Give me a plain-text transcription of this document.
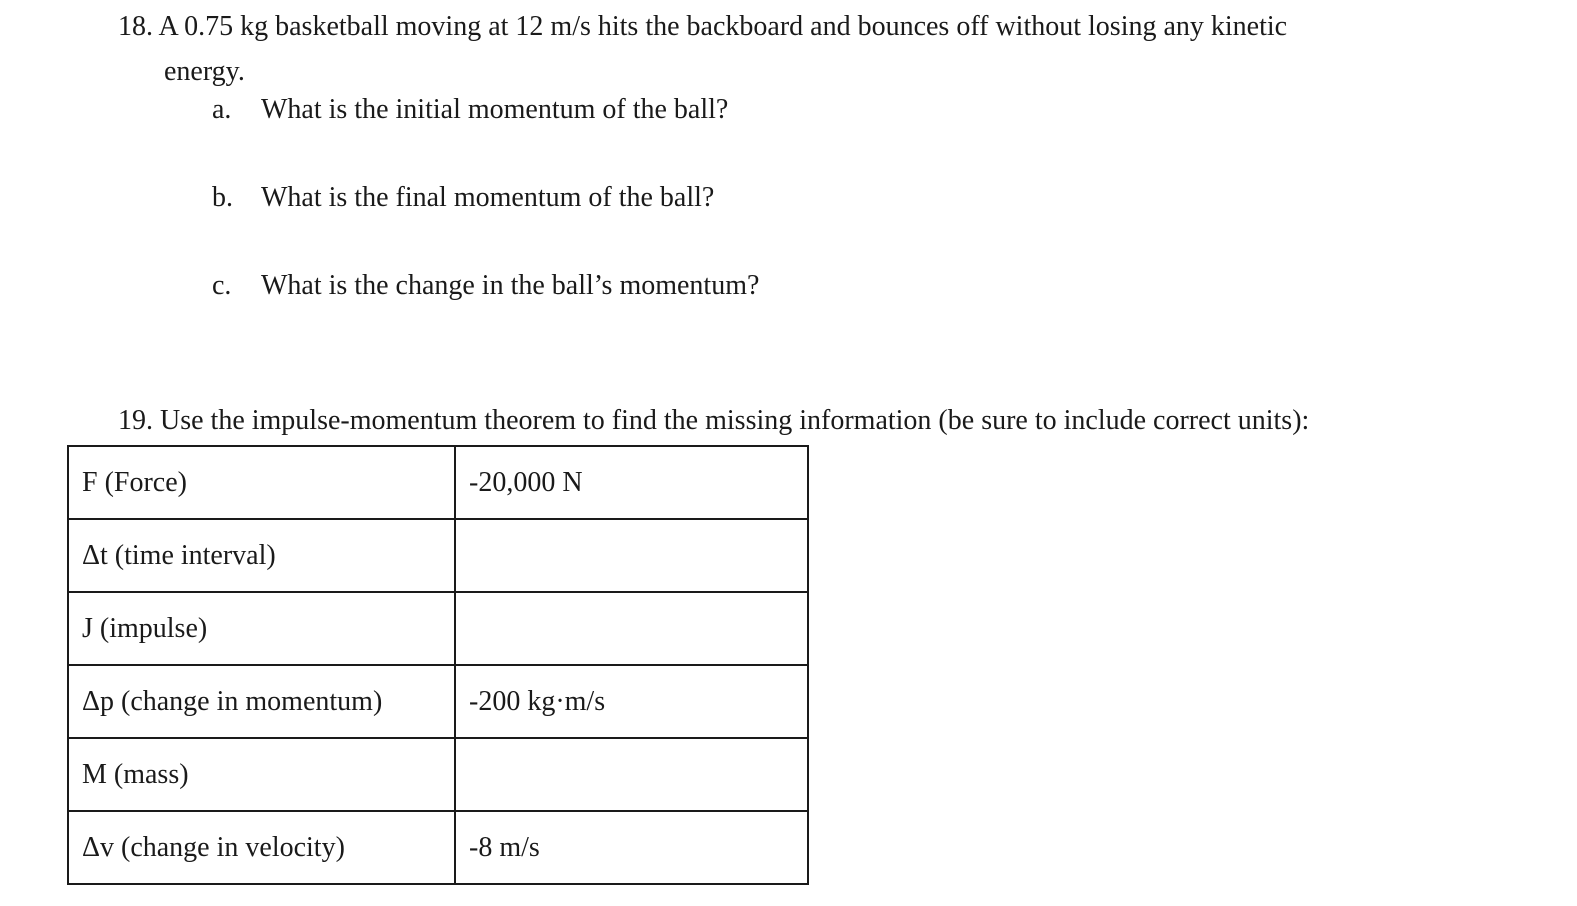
18. A 0.75 kg basketball moving at 12 m/s hits the backboard and bounces off without losing any kinetic
energy.
a. What is the initial momentum of the ball?
b. What is the final momentum of the ball?
c. What is the change in the ball’s momentum?
19. Use the impulse-momentum theorem to find the missing information (be sure to include correct units):
F (Force)	-20,000 N
Δt (time interval)	
J (impulse)	
Δp (change in momentum)	-200 kg·m/s
M (mass)	
Δv (change in velocity)	-8 m/s
